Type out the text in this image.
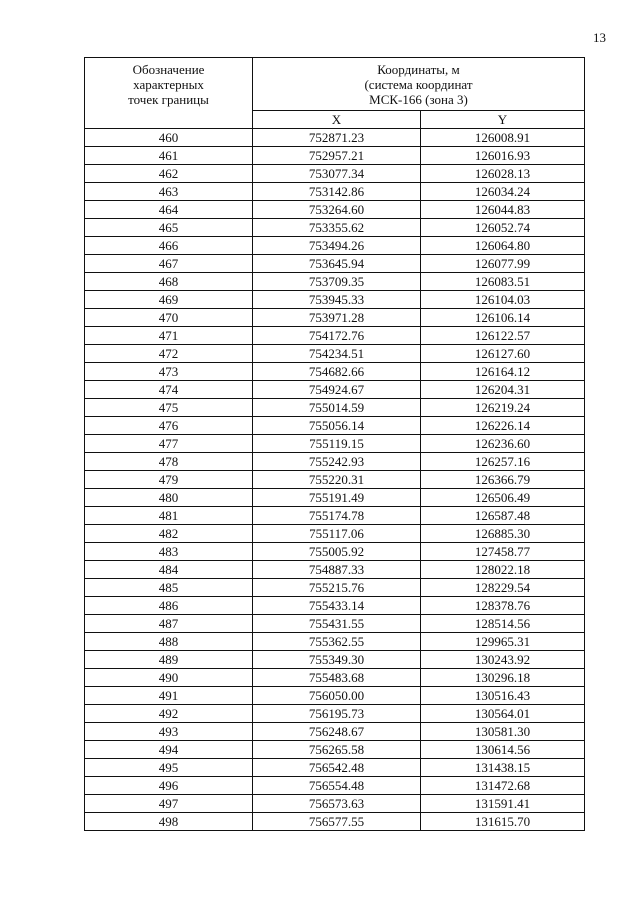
13
Обозначение
характерных
точек границы	Координаты, м
(система координат
МСК-166 (зона 3)	

	X	Y
460	752871.23	126008.91
461	752957.21	126016.93
462	753077.34	126028.13
463	753142.86	126034.24
464	753264.60	126044.83
465	753355.62	126052.74
466	753494.26	126064.80
467	753645.94	126077.99
468	753709.35	126083.51
469	753945.33	126104.03
470	753971.28	126106.14
471	754172.76	126122.57
472	754234.51	126127.60
473	754682.66	126164.12
474	754924.67	126204.31
475	755014.59	126219.24
476	755056.14	126226.14
477	755119.15	126236.60
478	755242.93	126257.16
479	755220.31	126366.79
480	755191.49	126506.49
481	755174.78	126587.48
482	755117.06	126885.30
483	755005.92	127458.77
484	754887.33	128022.18
485	755215.76	128229.54
486	755433.14	128378.76
487	755431.55	128514.56
488	755362.55	129965.31
489	755349.30	130243.92
490	755483.68	130296.18
491	756050.00	130516.43
492	756195.73	130564.01
493	756248.67	130581.30
494	756265.58	130614.56
495	756542.48	131438.15
496	756554.48	131472.68
497	756573.63	131591.41
498	756577.55	131615.70
